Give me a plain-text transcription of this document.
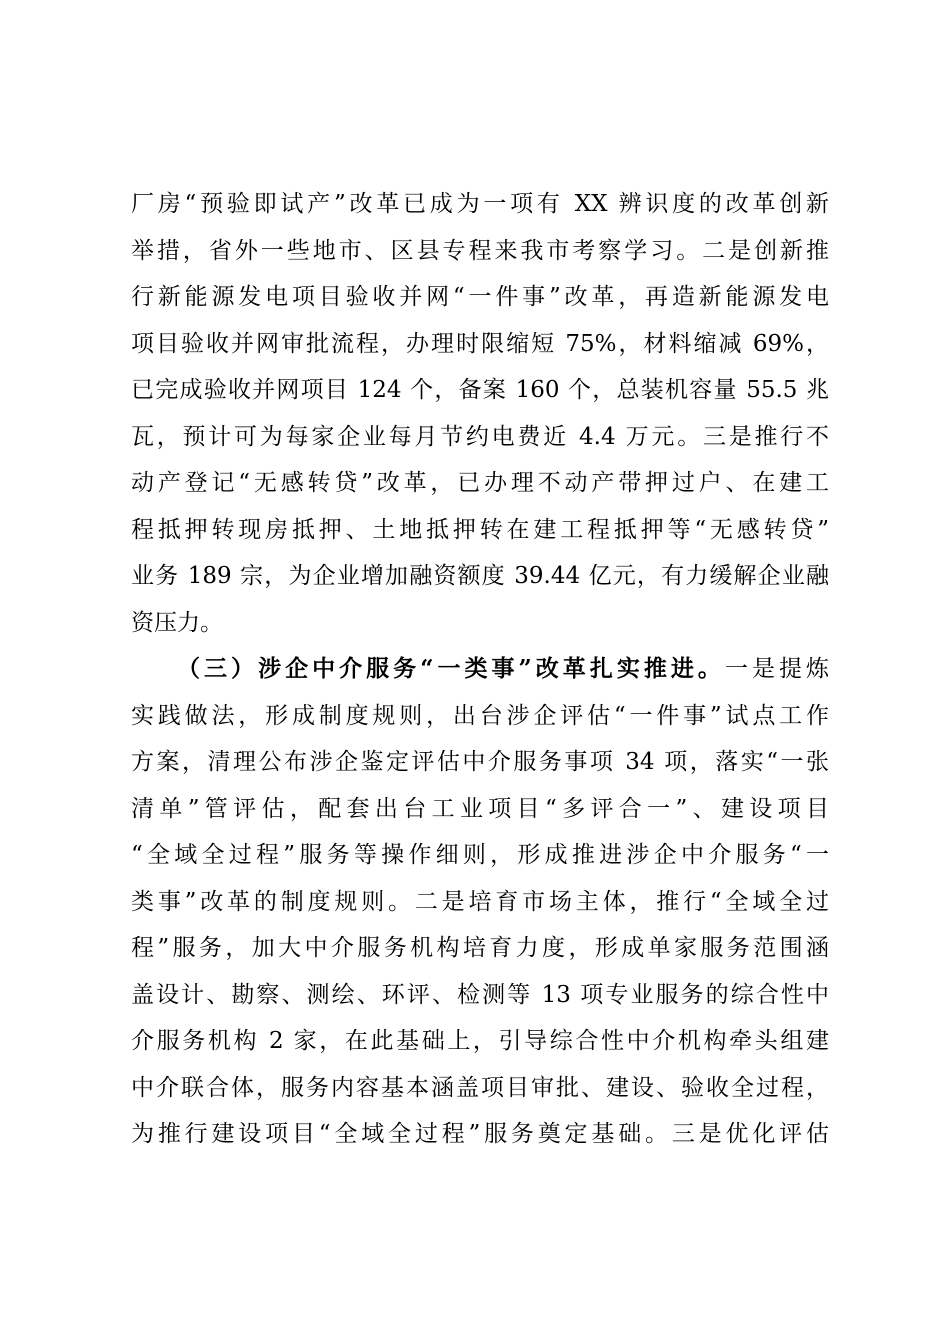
厂房“预验即试产”改革已成为一项有 XX 辨识度的改革创新
举措，省外一些地市、区县专程来我市考察学习。二是创新推
行新能源发电项目验收并网“一件事”改革，再造新能源发电
项目验收并网审批流程，办理时限缩短 75%，材料缩减 69%，
已完成验收并网项目 124 个，备案 160 个，总装机容量 55.5 兆
瓦，预计可为每家企业每月节约电费近 4.4 万元。三是推行不
动产登记“无感转贷”改革，已办理不动产带押过户、在建工
程抵押转现房抵押、土地抵押转在建工程抵押等“无感转贷”
业务 189 宗，为企业增加融资额度 39.44 亿元，有力缓解企业融
资压力。
（三）涉企中介服务“一类事”改革扎实推进。一是提炼
实践做法，形成制度规则，出台涉企评估“一件事”试点工作
方案，清理公布涉企鉴定评估中介服务事项 34 项，落实“一张
清单”管评估，配套出台工业项目“多评合一”、建设项目
“全域全过程”服务等操作细则，形成推进涉企中介服务“一
类事”改革的制度规则。二是培育市场主体，推行“全域全过
程”服务，加大中介服务机构培育力度，形成单家服务范围涵
盖设计、勘察、测绘、环评、检测等 13 项专业服务的综合性中
介服务机构 2 家，在此基础上，引导综合性中介机构牵头组建
中介联合体，服务内容基本涵盖项目审批、建设、验收全过程，
为推行建设项目“全域全过程”服务奠定基础。三是优化评估
